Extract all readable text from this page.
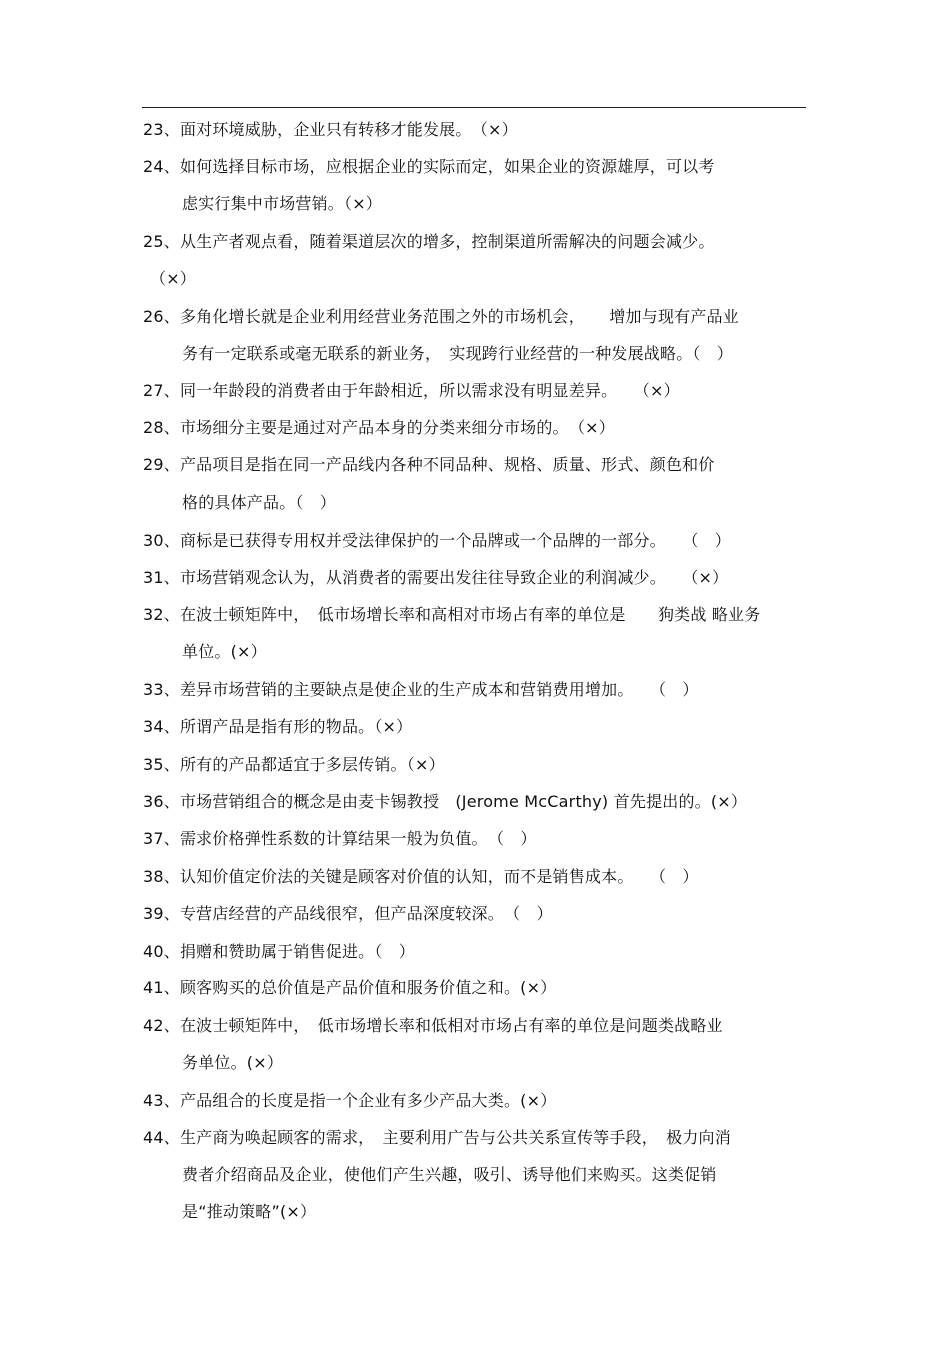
23、面对环境威胁，企业只有转移才能发展。　（×）
24、如何选择目标市场，应根据企业的实际而定，如果企业的资源雄厚，可以考
虑实行集中市场营销。（×）
25、从生产者观点看，随着渠道层次的增多，控制渠道所需解决的问题会减少。
（×）
26、多角化增长就是企业利用经营业务范围之外的市场机会，　　增加与现有产品业
务有一定联系或毫无联系的新业务，　实现跨行业经营的一种发展战略。（　）
27、同一年龄段的消费者由于年龄相近，所以需求没有明显差异。　　（×）
28、市场细分主要是通过对产品本身的分类来细分市场的。　（×）
29、产品项目是指在同一产品线内各种不同品种、规格、质量、形式、颜色和价
格的具体产品。（　）
30、商标是已获得专用权并受法律保护的一个品牌或一个品牌的一部分。　　（　）
31、市场营销观念认为，从消费者的需要出发往往导致企业的利润减少。　　（×）
32、在波士顿矩阵中，　低市场增长率和高相对市场占有率的单位是　　狗类战 略业务
单位。(×）
33、差异市场营销的主要缺点是使企业的生产成本和营销费用增加。　　（　）
34、所谓产品是指有形的物品。（×）
35、所有的产品都适宜于多层传销。（×）
36、市场营销组合的概念是由麦卡锡教授　(Jerome McCarthy) 首先提出的。(×）
37、需求价格弹性系数的计算结果一般为负值。　（　）
38、认知价值定价法的关键是顾客对价值的认知，而不是销售成本。　　（　）
39、专营店经营的产品线很窄，但产品深度较深。　（　）
40、捐赠和赞助属于销售促进。（　）
41、顾客购买的总价值是产品价值和服务价值之和。(×）
42、在波士顿矩阵中，　低市场增长率和低相对市场占有率的单位是问题类战略业
务单位。(×）
43、产品组合的长度是指一个企业有多少产品大类。(×）
44、生产商为唤起顾客的需求，　主要利用广告与公共关系宣传等手段，　极力向消
费者介绍商品及企业，使他们产生兴趣，吸引、诱导他们来购买。这类促销
是“推动策略”(×）
